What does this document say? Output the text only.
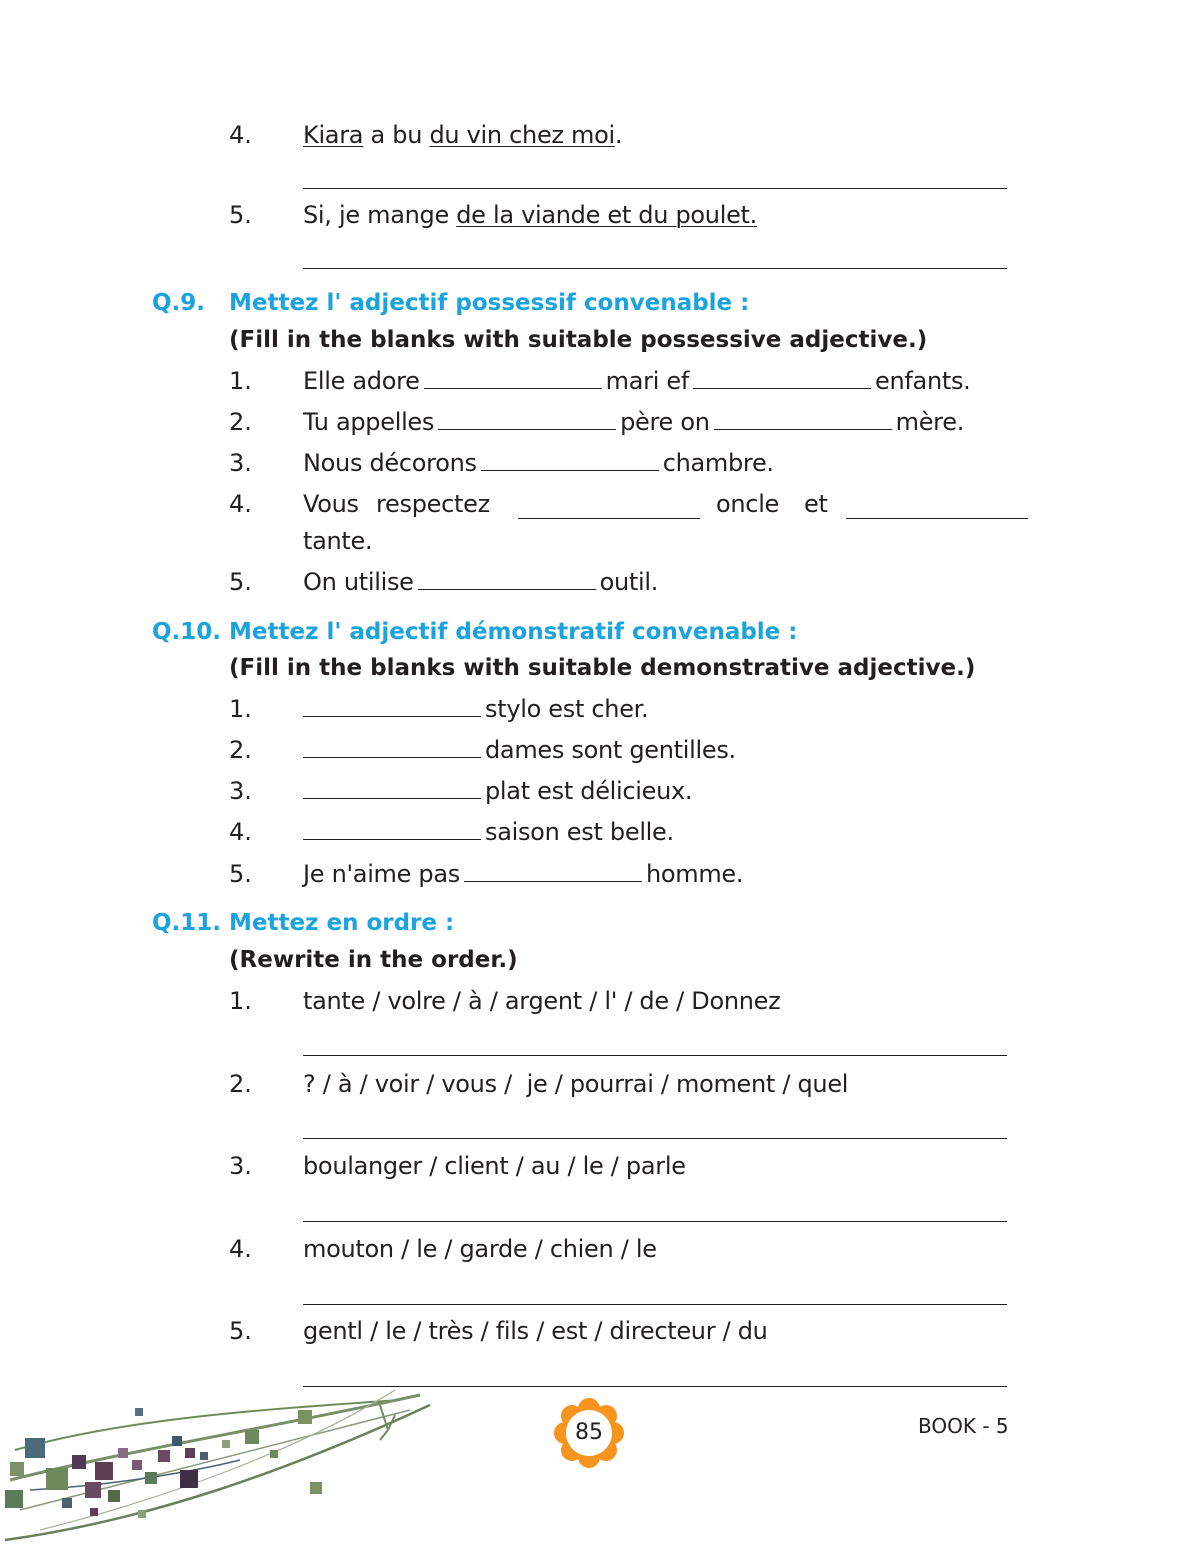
4. Kiara a bu du vin chez moi.
5. Si, je mange de la viande et du poulet.
Q.9. Mettez l' adjectif possessif convenable :
(Fill in the blanks with suitable possessive adjective.)
1. Elle adore	mari ef	enfants.
2. Tu appelles	père on	mère.
3. Nous décorons	chambre.
4. Vous respectez	oncle et
tante.
5. On utilise	outil.
Q.10. Mettez l' adjectif démonstratif convenable :
(Fill in the blanks with suitable demonstrative adjective.)
1.	stylo est cher.
2.	dames sont gentilles.
3.	plat est délicieux.
4.	saison est belle.
5. Je n'aime pas	homme.
Q.11. Mettez en ordre :
(Rewrite in the order.)
1. tante / volre / à / argent / l' / de / Donnez
2. ? / à / voir / vous /  je / pourrai / moment / quel
3. boulanger / client / au / le / parle
4. mouton / le / garde / chien / le
5. gentl / le / très / fils / est / directeur / du
85	BOOK - 5
